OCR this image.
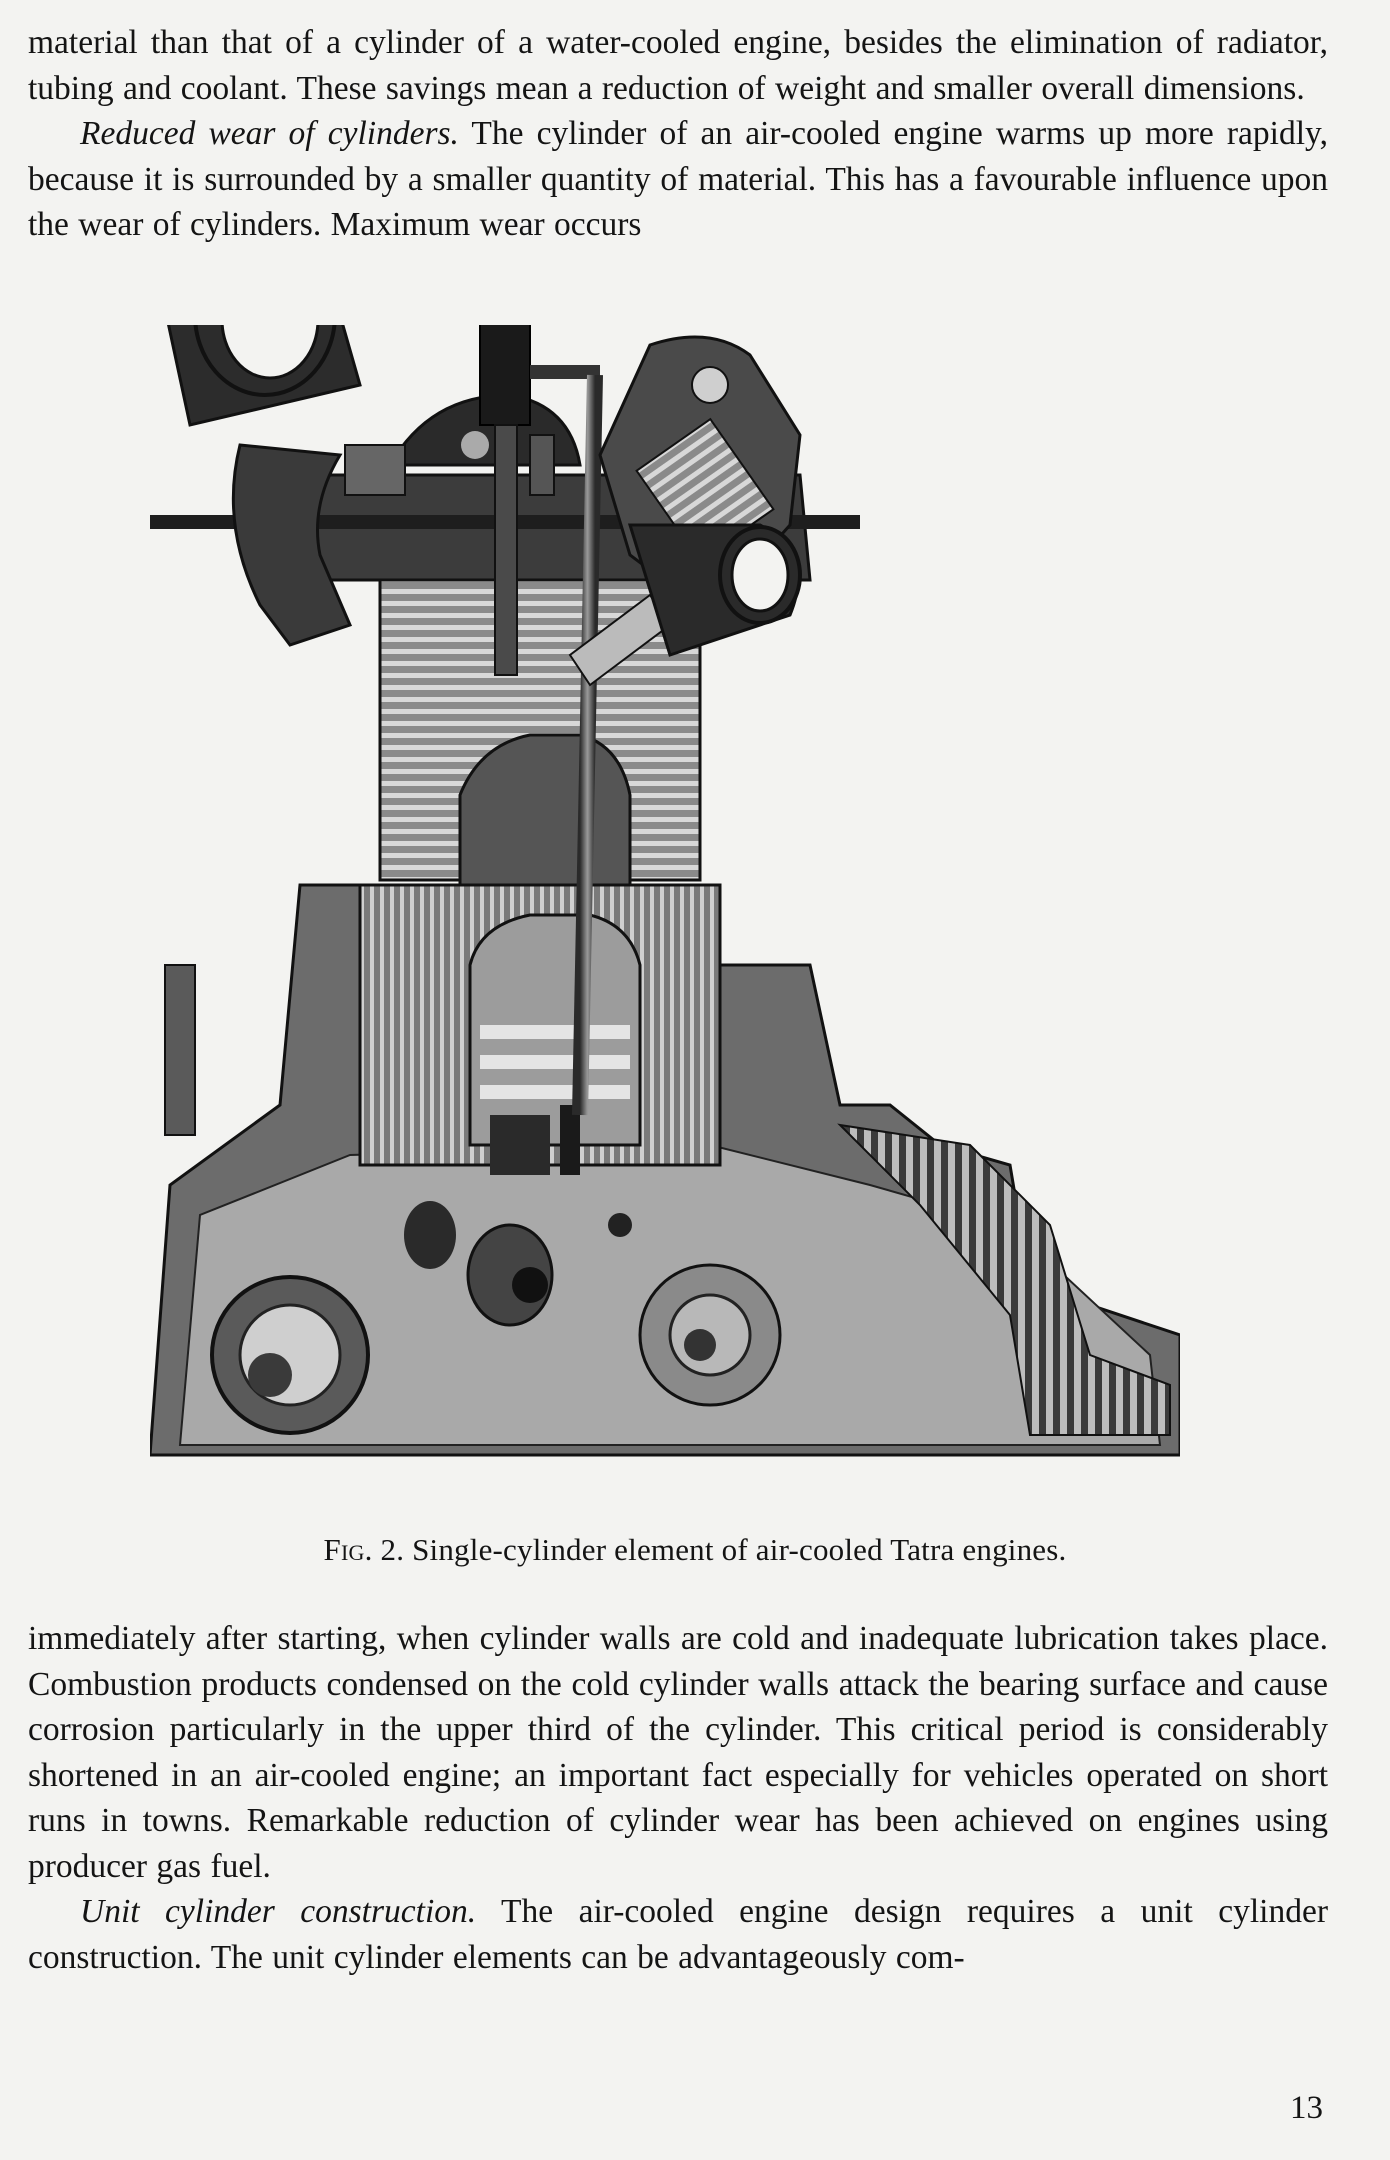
material than that of a cylinder of a water-cooled engine, besides the elimination of radiator, tubing and coolant. These savings mean a reduction of weight and smaller overall dimensions.

Reduced wear of cylinders. The cylinder of an air-cooled engine warms up more rapidly, because it is surrounded by a smaller quantity of material. This has a favourable influence upon the wear of cylinders. Maximum wear occurs

Fig. 2. Single-cylinder element of air-cooled Tatra engines.

immediately after starting, when cylinder walls are cold and inadequate lubrication takes place. Combustion products condensed on the cold cylinder walls attack the bearing surface and cause corrosion particularly in the upper third of the cylinder. This critical period is considerably shortened in an air-cooled engine; an important fact especially for vehicles operated on short runs in towns. Remarkable reduction of cylinder wear has been achieved on engines using producer gas fuel.

Unit cylinder construction. The air-cooled engine design requires a unit cylinder construction. The unit cylinder elements can be advantageously com-

13
